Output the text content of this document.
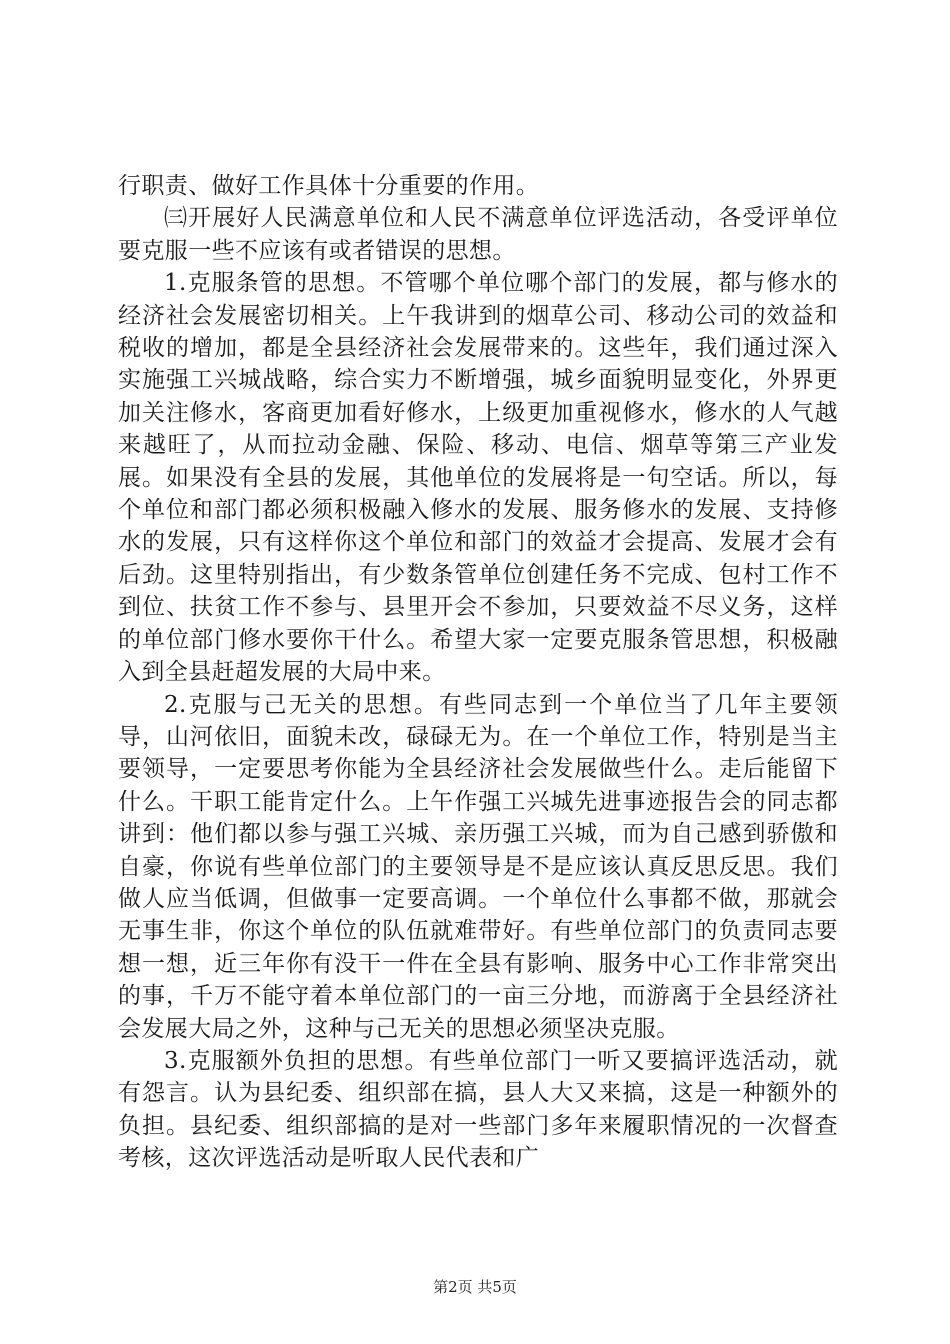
行职责、做好工作具体十分重要的作用。

㈢开展好人民满意单位和人民不满意单位评选活动，各受评单位要克服一些不应该有或者错误的思想。

1.克服条管的思想。不管哪个单位哪个部门的发展，都与修水的经济社会发展密切相关。上午我讲到的烟草公司、移动公司的效益和税收的增加，都是全县经济社会发展带来的。这些年，我们通过深入实施强工兴城战略，综合实力不断增强，城乡面貌明显变化，外界更加关注修水，客商更加看好修水，上级更加重视修水，修水的人气越来越旺了，从而拉动金融、保险、移动、电信、烟草等第三产业发展。如果没有全县的发展，其他单位的发展将是一句空话。所以，每个单位和部门都必须积极融入修水的发展、服务修水的发展、支持修水的发展，只有这样你这个单位和部门的效益才会提高、发展才会有后劲。这里特别指出，有少数条管单位创建任务不完成、包村工作不到位、扶贫工作不参与、县里开会不参加，只要效益不尽义务，这样的单位部门修水要你干什么。希望大家一定要克服条管思想，积极融入到全县赶超发展的大局中来。

2.克服与己无关的思想。有些同志到一个单位当了几年主要领导，山河依旧，面貌未改，碌碌无为。在一个单位工作，特别是当主要领导，一定要思考你能为全县经济社会发展做些什么。走后能留下什么。干职工能肯定什么。上午作强工兴城先进事迹报告会的同志都讲到：他们都以参与强工兴城、亲历强工兴城，而为自己感到骄傲和自豪，你说有些单位部门的主要领导是不是应该认真反思反思。我们做人应当低调，但做事一定要高调。一个单位什么事都不做，那就会无事生非，你这个单位的队伍就难带好。有些单位部门的负责同志要想一想，近三年你有没干一件在全县有影响、服务中心工作非常突出的事，千万不能守着本单位部门的一亩三分地，而游离于全县经济社会发展大局之外，这种与己无关的思想必须坚决克服。

3.克服额外负担的思想。有些单位部门一听又要搞评选活动，就有怨言。认为县纪委、组织部在搞，县人大又来搞，这是一种额外的负担。县纪委、组织部搞的是对一些部门多年来履职情况的一次督查考核，这次评选活动是听取人民代表和广

第2页 共5页
